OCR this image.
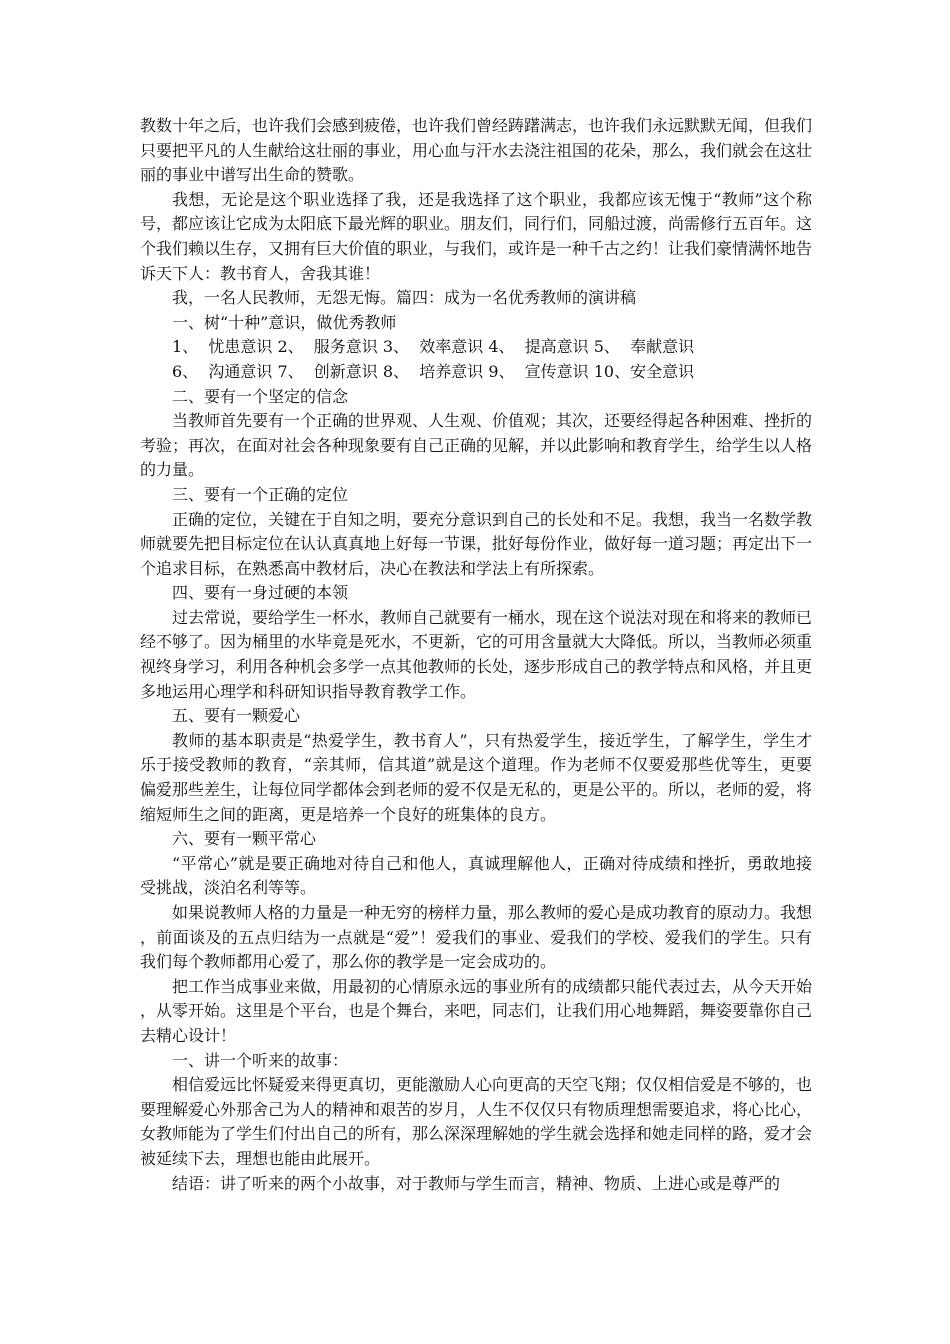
教数十年之后，也许我们会感到疲倦，也许我们曾经踌躇满志，也许我们永远默默无闻，但我们只要把平凡的人生献给这壮丽的事业，用心血与汗水去浇注祖国的花朵，那么，我们就会在这壮丽的事业中谱写出生命的赞歌。

我想，无论是这个职业选择了我，还是我选择了这个职业，我都应该无愧于“教师”这个称号，都应该让它成为太阳底下最光辉的职业。朋友们，同行们，同船过渡，尚需修行五百年。这个我们赖以生存，又拥有巨大价值的职业，与我们，或许是一种千古之约！让我们豪情满怀地告诉天下人：教书育人，舍我其谁！

我，一名人民教师，无怨无悔。篇四：成为一名优秀教师的演讲稿

一、树“十种”意识，做优秀教师

1、  忧患意识 2、  服务意识 3、  效率意识 4、  提高意识 5、  奉献意识

6、  沟通意识 7、  创新意识 8、  培养意识 9、  宣传意识 10、安全意识

二、要有一个坚定的信念

当教师首先要有一个正确的世界观、人生观、价值观；其次，还要经得起各种困难、挫折的考验；再次，在面对社会各种现象要有自己正确的见解，并以此影响和教育学生，给学生以人格的力量。

三、要有一个正确的定位

正确的定位，关键在于自知之明，要充分意识到自己的长处和不足。我想，我当一名数学教师就要先把目标定位在认认真真地上好每一节课，批好每份作业，做好每一道习题；再定出下一个追求目标，在熟悉高中教材后，决心在教法和学法上有所探索。

四、要有一身过硬的本领

过去常说，要给学生一杯水，教师自己就要有一桶水，现在这个说法对现在和将来的教师已经不够了。因为桶里的水毕竟是死水，不更新，它的可用含量就大大降低。所以，当教师必须重视终身学习，利用各种机会多学一点其他教师的长处，逐步形成自己的教学特点和风格，并且更多地运用心理学和科研知识指导教育教学工作。

五、要有一颗爱心

教师的基本职责是“热爱学生，教书育人”，只有热爱学生，接近学生，了解学生，学生才乐于接受教师的教育，“亲其师，信其道”就是这个道理。作为老师不仅要爱那些优等生，更要偏爱那些差生，让每位同学都体会到老师的爱不仅是无私的，更是公平的。所以，老师的爱，将缩短师生之间的距离，更是培养一个良好的班集体的良方。

六、要有一颗平常心

“平常心”就是要正确地对待自己和他人，真诚理解他人，正确对待成绩和挫折，勇敢地接受挑战，淡泊名利等等。

如果说教师人格的力量是一种无穷的榜样力量，那么教师的爱心是成功教育的原动力。我想，前面谈及的五点归结为一点就是“爱”！爱我们的事业、爱我们的学校、爱我们的学生。只有我们每个教师都用心爱了，那么你的教学是一定会成功的。

把工作当成事业来做，用最初的心情原永远的事业所有的成绩都只能代表过去，从今天开始，从零开始。这里是个平台，也是个舞台，来吧，同志们，让我们用心地舞蹈，舞姿要靠你自己去精心设计！

一、讲一个听来的故事：

相信爱远比怀疑爱来得更真切，更能激励人心向更高的天空飞翔；仅仅相信爱是不够的，也要理解爱心外那舍己为人的精神和艰苦的岁月，人生不仅仅只有物质理想需要追求，将心比心，女教师能为了学生们付出自己的所有，那么深深理解她的学生就会选择和她走同样的路，爱才会被延续下去，理想也能由此展开。

结语：讲了听来的两个小故事，对于教师与学生而言，精神、物质、上进心或是尊严的
